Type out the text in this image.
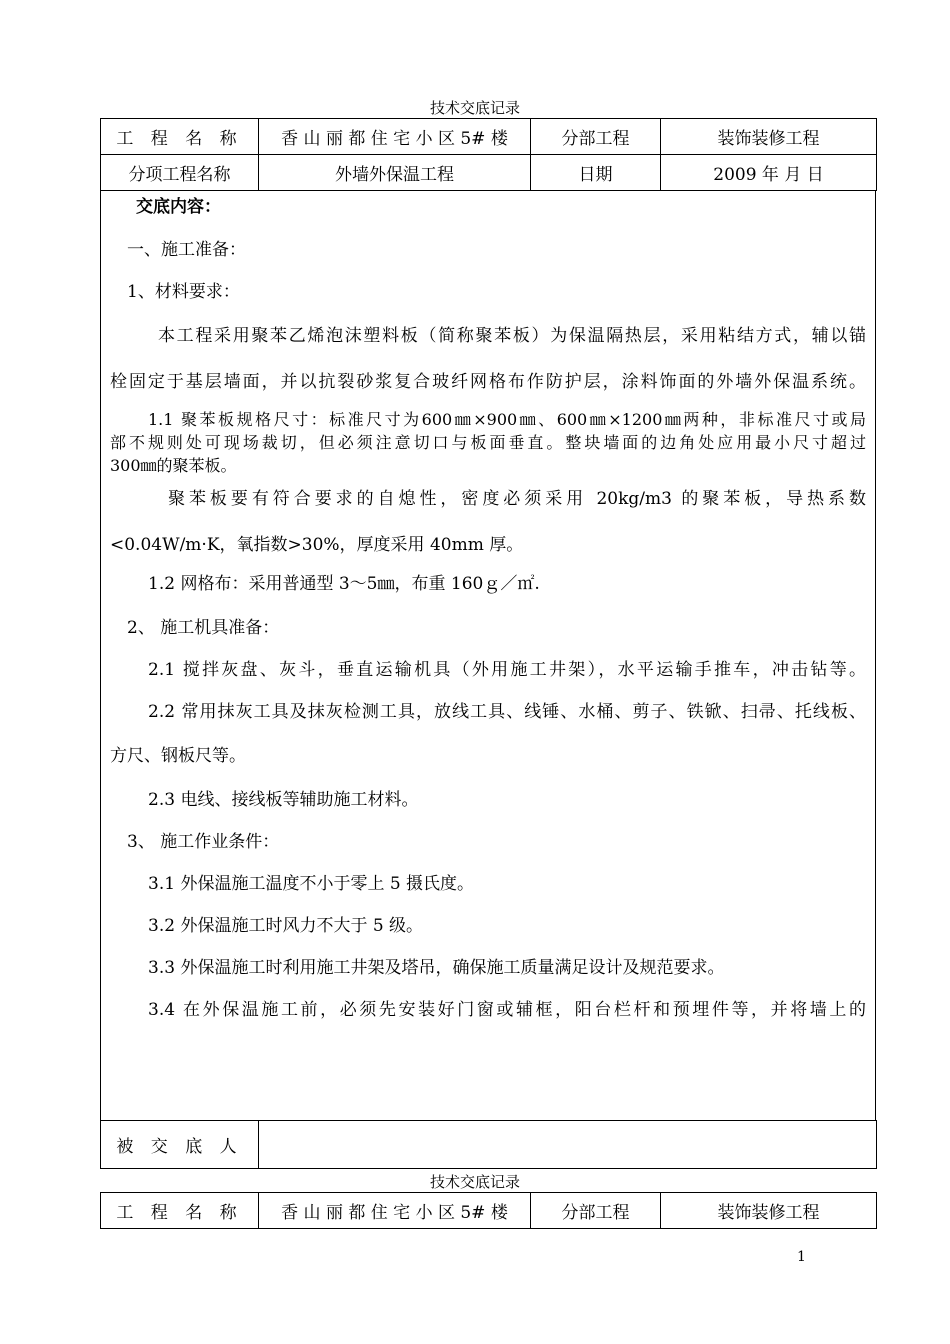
技术交底记录
工 程 名 称	香 山 丽 都 住 宅 小 区 5# 楼	分部工程	装饰装修工程
分项工程名称	外墙外保温工程	日期	2009 年 月 日
交底内容：
一、施工准备：
1、材料要求：
本工程采用聚苯乙烯泡沫塑料板（简称聚苯板）为保温隔热层，采用粘结方式，辅以锚
栓固定于基层墙面，并以抗裂砂浆复合玻纤网格布作防护层，涂料饰面的外墙外保温系统。
1.1 聚苯板规格尺寸：标准尺寸为600㎜×900㎜、600㎜×1200㎜两种，非标准尺寸或局
部不规则处可现场裁切，但必须注意切口与板面垂直。整块墙面的边角处应用最小尺寸超过
300㎜的聚苯板。
聚苯板要有符合要求的自熄性，密度必须采用 20kg/m3 的聚苯板，导热系数
<0.04W/m·K，氧指数>30%，厚度采用 40mm 厚。
1.2 网格布：采用普通型 3～5㎜，布重 160ｇ／㎡.
2、 施工机具准备：
2.1 搅拌灰盘、灰斗，垂直运输机具（外用施工井架），水平运输手推车，冲击钻等。
2.2 常用抹灰工具及抹灰检测工具，放线工具、线锤、水桶、剪子、铁锨、扫帚、托线板、
方尺、钢板尺等。
2.3 电线、接线板等辅助施工材料。
3、 施工作业条件：
3.1 外保温施工温度不小于零上 5 摄氏度。
3.2 外保温施工时风力不大于 5 级。
3.3 外保温施工时利用施工井架及塔吊，确保施工质量满足设计及规范要求。
3.4 在外保温施工前，必须先安装好门窗或辅框，阳台栏杆和预埋件等，并将墙上的
被 交 底 人	
技术交底记录
工 程 名 称	香 山 丽 都 住 宅 小 区 5# 楼	分部工程	装饰装修工程
1
